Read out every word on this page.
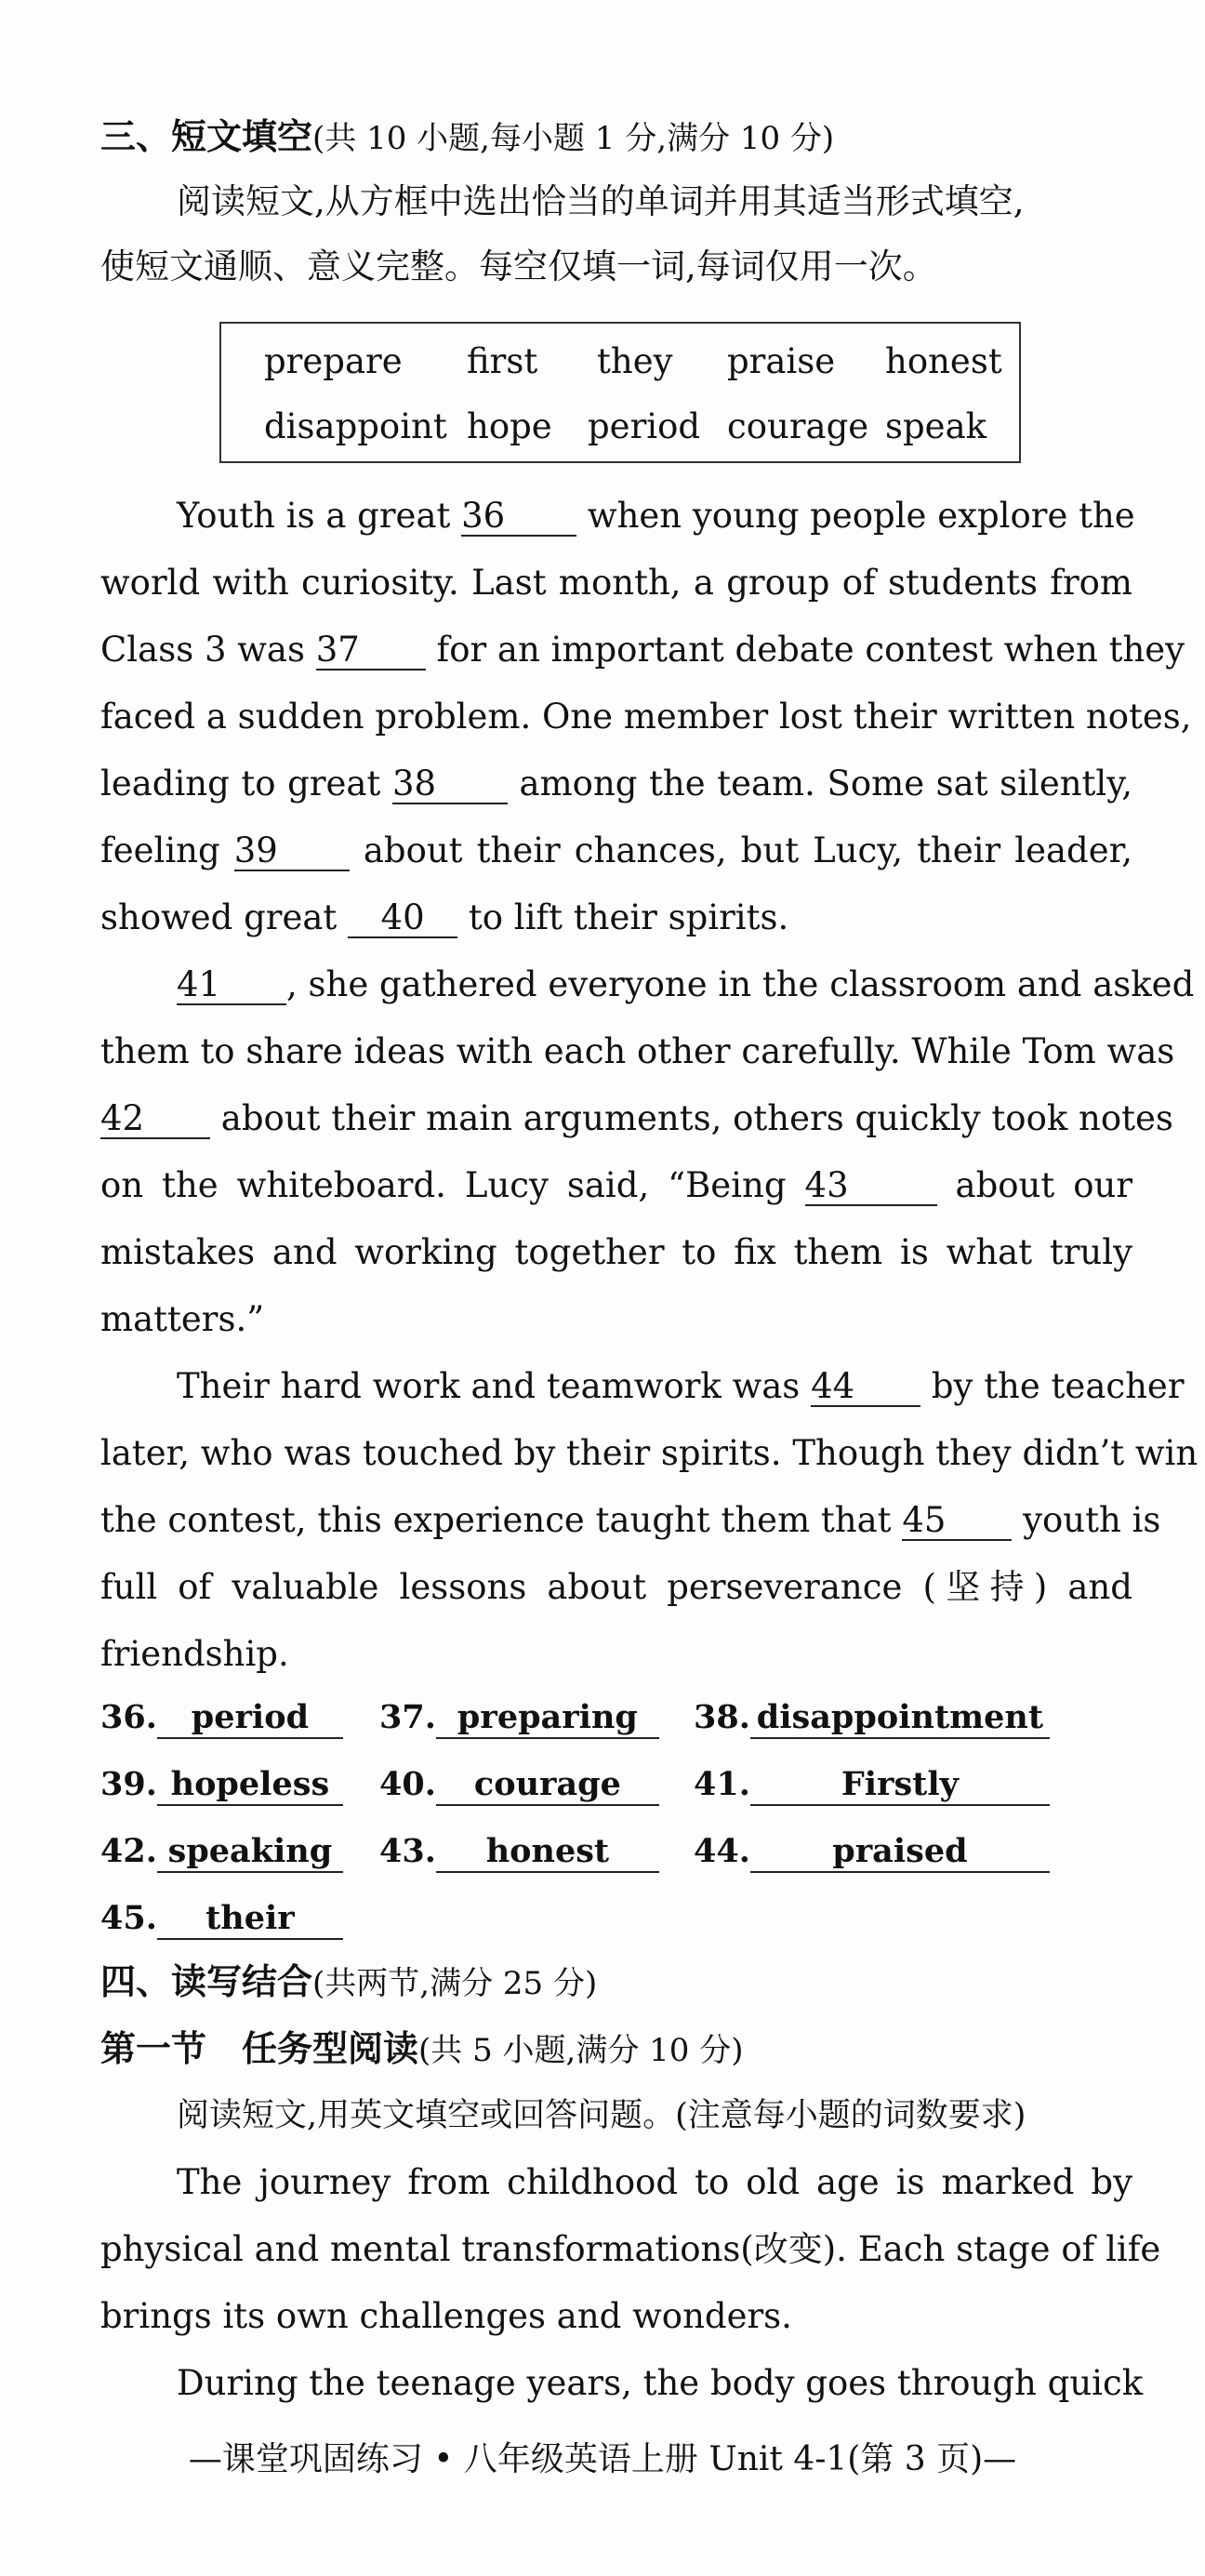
三、短文填空(共 10 小题,每小题 1 分,满分 10 分)
阅读短文,从方框中选出恰当的单词并用其适当形式填空,
使短文通顺、意义完整。每空仅填一词,每词仅用一次。
prepare first they praise honest
disappoint hope period courage speak
Youth is a great 36 when young people explore the
world with curiosity. Last month, a group of students from
Class 3 was 37 for an important debate contest when they
faced a sudden problem. One member lost their written notes,
leading to great 38 among the team. Some sat silently,
feeling 39 about their chances, but Lucy, their leader,
showed great 40 to lift their spirits.
41 , she gathered everyone in the classroom and asked
them to share ideas with each other carefully. While Tom was
42 about their main arguments, others quickly took notes
on the whiteboard. Lucy said, “Being 43	about our
mistakes and working together to fix them is what truly
matters.”
Their hard work and teamwork was 44 by the teacher
later, who was touched by their spirits. Though they didn’t win
the contest, this experience taught them that 45 youth is
full of valuable lessons about perseverance (坚持) and
friendship.
36. period	37. preparing	38. disappointment
39. hopeless	40. courage	41.	Firstly
42. speaking	43. honest	44.	praised
45. their
四、读写结合(共两节,满分 25 分)
第一节　任务型阅读(共 5 小题,满分 10 分)
阅读短文,用英文填空或回答问题。(注意每小题的词数要求)
The journey from childhood to old age is marked by
physical and mental transformations(改变). Each stage of life
brings its own challenges and wonders.
During the teenage years, the body goes through quick
—课堂巩固练习 • 八年级英语上册 Unit 4-1(第 3 页)—
